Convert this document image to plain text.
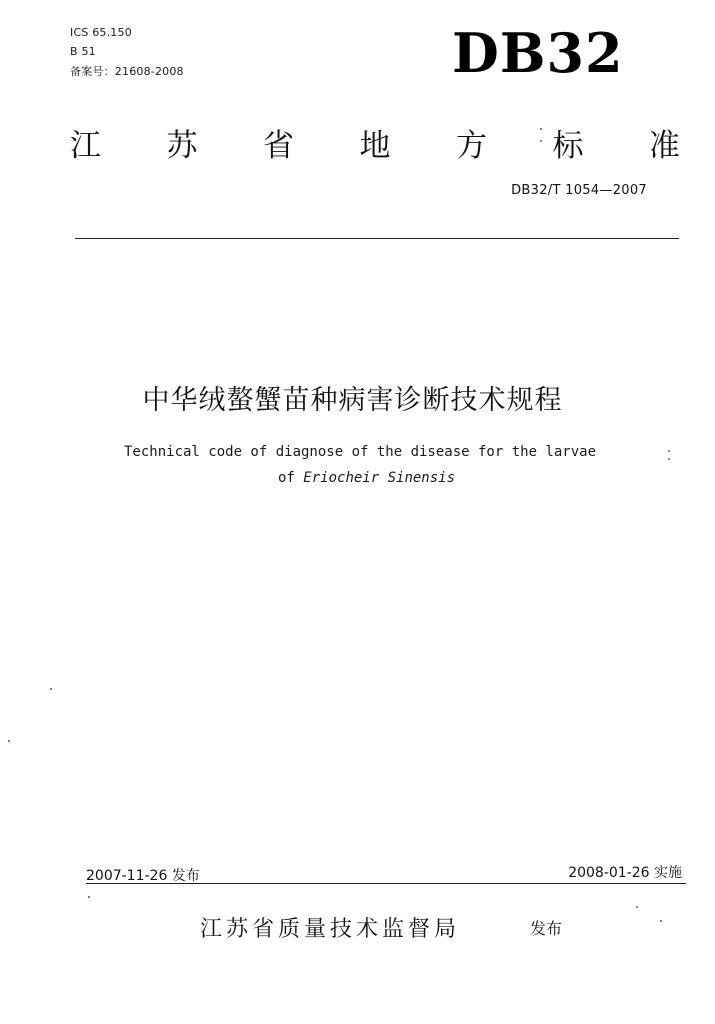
ICS 65.150
B 51
备案号：21608-2008	DB32
江 苏 省 地 方 标 准
DB32/T 1054—2007
中华绒螯蟹苗种病害诊断技术规程
Technical code of diagnose of the disease for the larvae
of Eriocheir Sinensis
2007-11-26 发布	2008-01-26 实施
江苏省质量技术监督局	发布
